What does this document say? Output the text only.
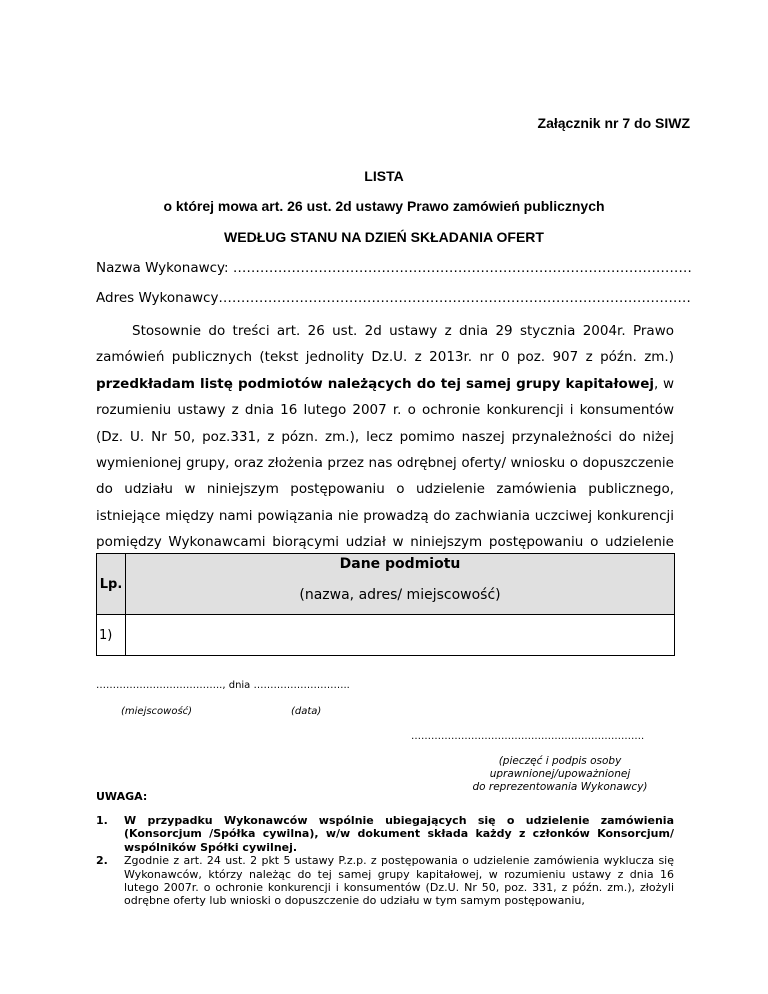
Załącznik nr 7 do SIWZ
LISTA
o której mowa art. 26 ust. 2d ustawy Prawo zamówień publicznych
WEDŁUG STANU NA DZIEŃ SKŁADANIA OFERT
Nazwa Wykonawcy: …………………………………………………………………………………………
Adres Wykonawcy……………………………………………………………………………………………

Stosownie do treści art. 26 ust. 2d ustawy z dnia 29 stycznia 2004r. Prawo zamówień publicznych (tekst jednolity Dz.U. z 2013r. nr 0 poz. 907 z późn. zm.) przedkładam listę podmiotów należących do tej samej grupy kapitałowej, w rozumieniu ustawy z dnia 16 lutego 2007 r. o ochronie konkurencji i konsumentów (Dz. U. Nr 50, poz.331, z pózn. zm.), lecz pomimo naszej przynależności do niżej wymienionej grupy, oraz złożenia przez nas odrębnej oferty/ wniosku o dopuszczenie do udziału w niniejszym postępowaniu o udzielenie zamówienia publicznego, istniejące między nami powiązania nie prowadzą do zachwiania uczciwej konkurencji pomiędzy Wykonawcami biorącymi udział w niniejszym postępowaniu o udzielenie

Lp.	Dane podmiotu
(nazwa, adres/ miejscowość)

1)	
……………………………….., dnia ………………………..
(miejscowość)	(data)
…………………………………………………………….
(pieczęć i podpis osoby
uprawnionej/upoważnionej
do reprezentowania Wykonawcy)
UWAGA:
1. W przypadku Wykonawców wspólnie ubiegających się o udzielenie zamówienia (Konsorcjum /Spółka cywilna), w/w dokument składa każdy z członków Konsorcjum/ wspólników Spółki cywilnej.
2. Zgodnie z art. 24 ust. 2 pkt 5 ustawy P.z.p. z postępowania o udzielenie zamówienia wyklucza się Wykonawców, którzy należąc do tej samej grupy kapitałowej, w rozumieniu ustawy z dnia 16 lutego 2007r. o ochronie konkurencji i konsumentów (Dz.U. Nr 50, poz. 331, z późn. zm.), złożyli odrębne oferty lub wnioski o dopuszczenie do udziału w tym samym postępowaniu,
